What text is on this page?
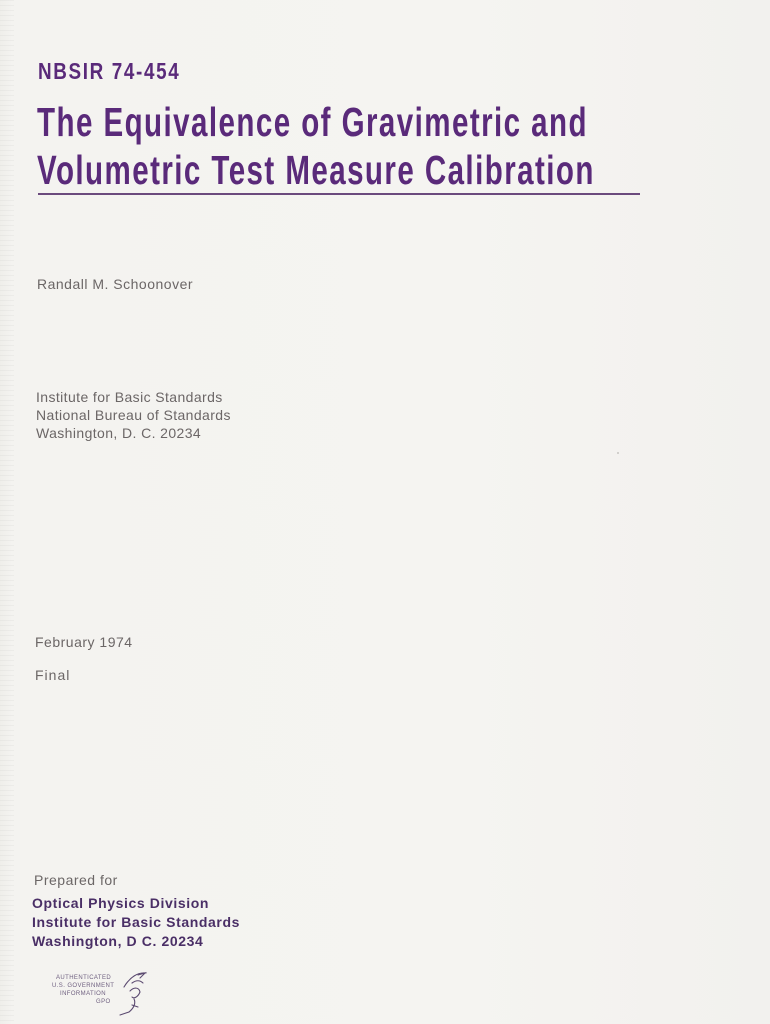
NBSIR 74-454
The Equivalence of Gravimetric and
Volumetric Test Measure Calibration
Randall M. Schoonover
Institute for Basic Standards
National Bureau of Standards
Washington, D. C. 20234
February 1974
Final
Prepared for
Optical Physics Division
Institute for Basic Standards
Washington, D C. 20234
AUTHENTICATED
U.S. GOVERNMENT
INFORMATION
GPO
